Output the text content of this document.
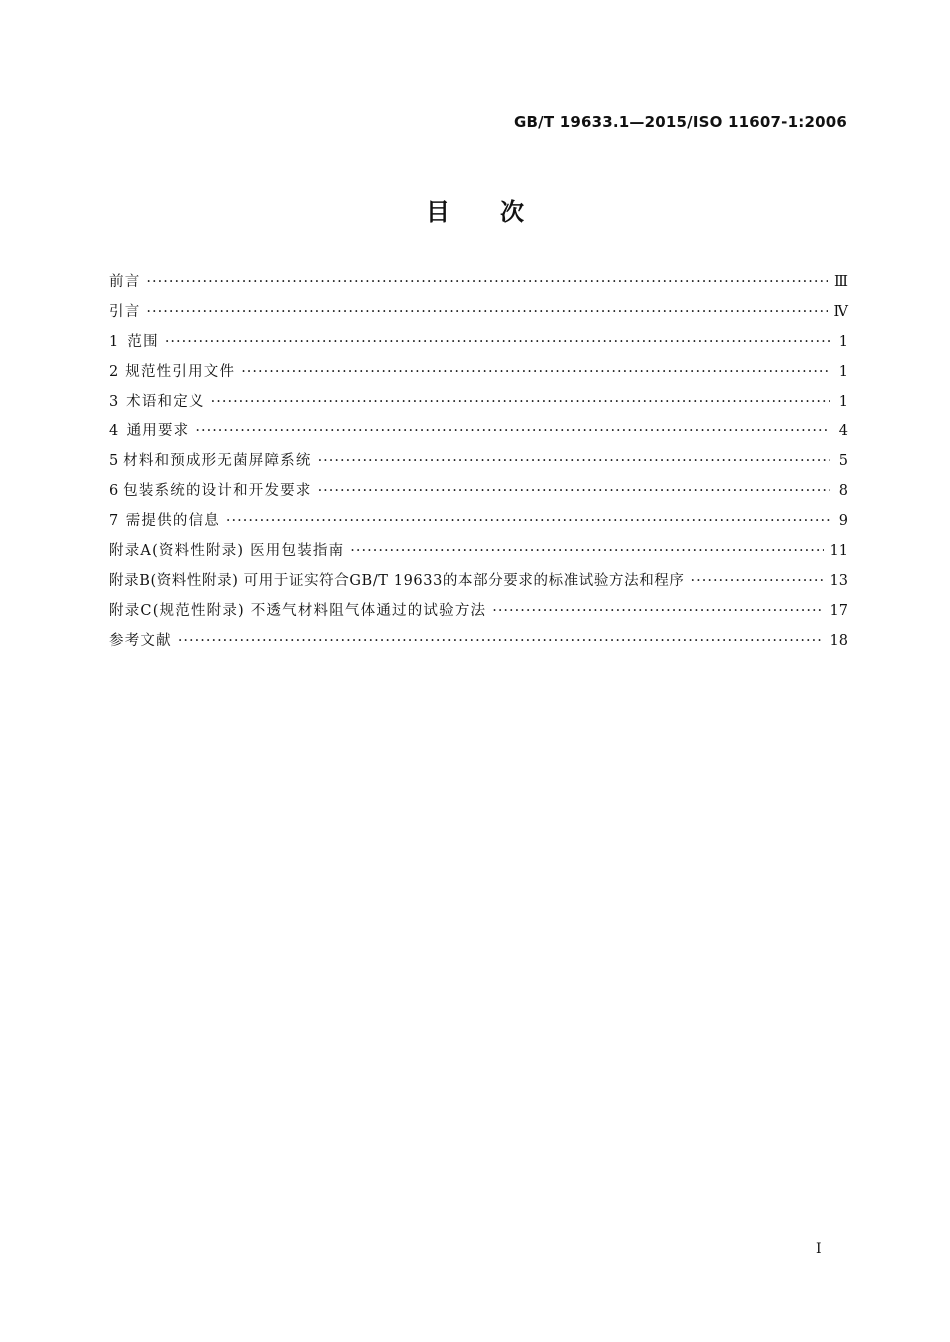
GB/T 19633.1—2015/ISO 11607-1:2006
目次
前言 ·····	Ⅲ
引言 ·····	Ⅳ
1 范围 ·····	1
2 规范性引用文件 ·····	1
3 术语和定义 ·····	1
4 通用要求 ·····	4
5 材料和预成形无菌屏障系统 ·····	5
6 包装系统的设计和开发要求 ·····	8
7 需提供的信息 ·····	9
附录A(资料性附录) 医用包装指南 ·····	11
附录B(资料性附录) 可用于证实符合GB/T 19633的本部分要求的标准试验方法和程序 ·····	13
附录C(规范性附录) 不透气材料阻气体通过的试验方法 ·····	17
参考文献 ·····	18
I
